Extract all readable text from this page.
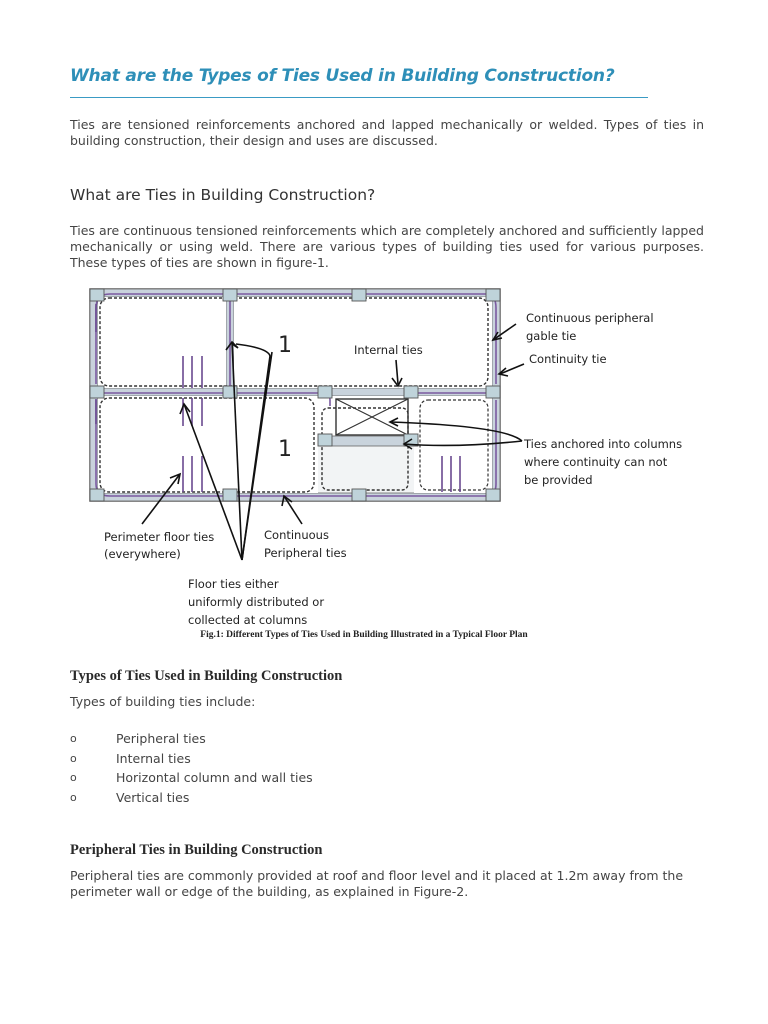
What are the Types of Ties Used in Building Construction?

Ties are tensioned reinforcements anchored and lapped mechanically or welded. Types of ties in building construction, their design and uses are discussed.

What are Ties in Building Construction?

Ties are continuous tensioned reinforcements which are completely anchored and sufficiently lapped mechanically or using weld. There are various types of building ties used for various purposes. These types of ties are shown in figure-1.

1
1
Continuous peripheral
gable tie
Continuity tie
Internal ties
Ties anchored into columns
where continuity can not
be provided
Perimeter floor ties
(everywhere)
Continuous
Peripheral ties
Floor ties either
uniformly distributed or
collected at columns

Fig.1: Different Types of Ties Used in Building Illustrated in a Typical Floor Plan

Types of Ties Used in Building Construction

Types of building ties include:

o	Peripheral ties
o	Internal ties
o	Horizontal column and wall ties
o	Vertical ties
Peripheral Ties in Building Construction

Peripheral ties are commonly provided at roof and floor level and it placed at 1.2m away from the perimeter wall or edge of the building, as explained in Figure-2.
